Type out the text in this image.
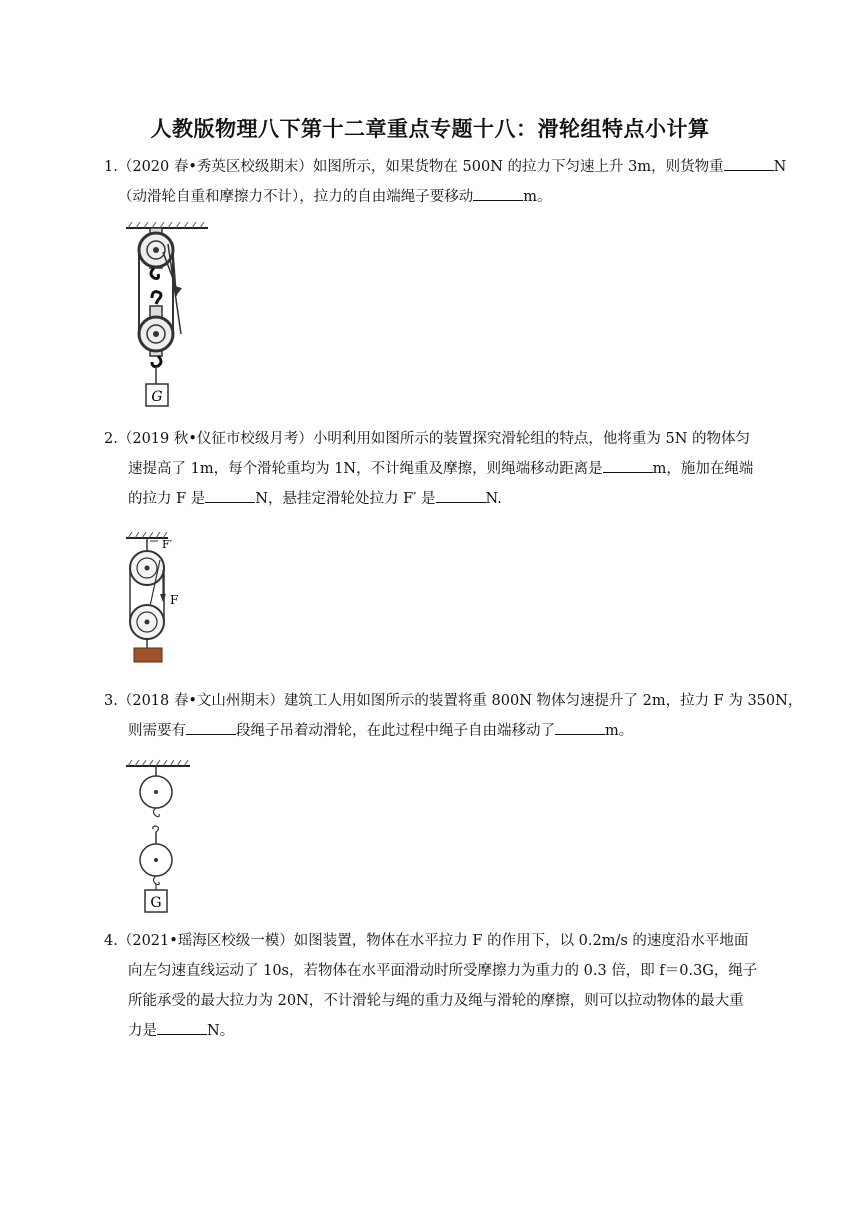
人教版物理八下第十二章重点专题十八：滑轮组特点小计算
1.（2020 春•秀英区校级期末）如图所示，如果货物在 500N 的拉力下匀速上升 3m，则货物重	N
（动滑轮自重和摩擦力不计），拉力的自由端绳子要移动	m。
G
2.（2019 秋•仪征市校级月考）小明利用如图所示的装置探究滑轮组的特点，他将重为 5N 的物体匀
速提高了 1m，每个滑轮重均为 1N，不计绳重及摩擦，则绳端移动距离是	m，施加在绳端
的拉力 F 是	N，悬挂定滑轮处拉力 F′ 是	N.
F′
F
3.（2018 春•文山州期末）建筑工人用如图所示的装置将重 800N 物体匀速提升了 2m，拉力 F 为 350N，
则需要有	段绳子吊着动滑轮，在此过程中绳子自由端移动了	m。
G
4.（2021•瑶海区校级一模）如图装置，物体在水平拉力 F 的作用下，以 0.2m/s 的速度沿水平地面
向左匀速直线运动了 10s，若物体在水平面滑动时所受摩擦力为重力的 0.3 倍，即 f＝0.3G，绳子
所能承受的最大拉力为 20N，不计滑轮与绳的重力及绳与滑轮的摩擦，则可以拉动物体的最大重
力是	N。
